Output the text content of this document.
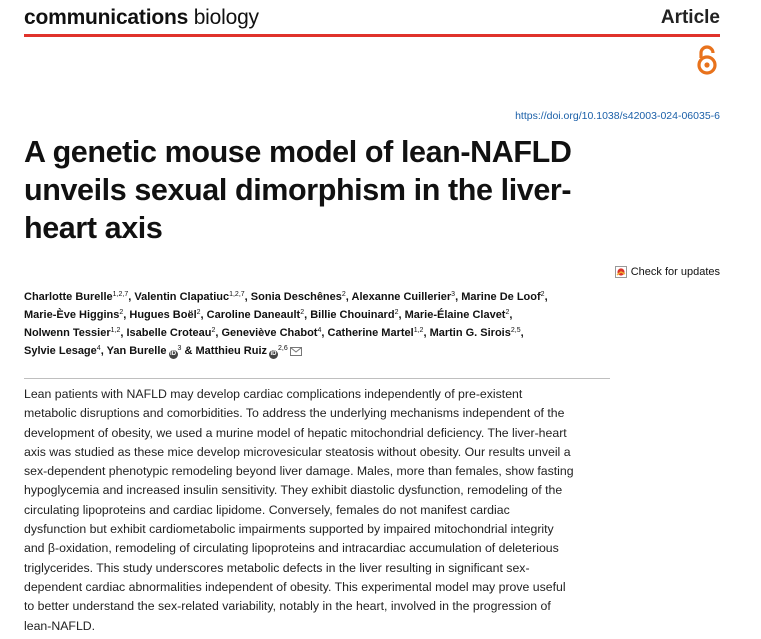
communications biology	Article
https://doi.org/10.1038/s42003-024-06035-6
A genetic mouse model of lean-NAFLD
unveils sexual dimorphism in the liver-
heart axis
Check for updates
Charlotte Burelle$^{1,2,7}$, Valentin Clapatiuc$^{1,2,7}$, Sonia Deschênes$^2$, Alexanne Cuillerier$^3$, Marine De Loof$^2$,
Marie-Ève Higgins$^2$, Hugues Boël$^2$, Caroline Daneault$^2$, Billie Chouinard$^2$, Marie-Élaine Clavet$^2$,
Nolwenn Tessier$^{1,2}$, Isabelle Croteau$^2$, Geneviève Chabot$^4$, Catherine Martel$^{1,2}$, Martin G. Sirois$^{2,5}$,
Sylvie Lesage$^4$, Yan Burelle $iD^3$ & Matthieu Ruiz iD$^{2,6}$

Lean patients with NAFLD may develop cardiac complications independently of pre-existent

metabolic disruptions and comorbidities. To address the underlying mechanisms independent of the

development of obesity, we used a murine model of hepatic mitochondrial deficiency. The liver-heart

axis was studied as these mice develop microvesicular steatosis without obesity. Our results unveil a

sex-dependent phenotypic remodeling beyond liver damage. Males, more than females, show fasting

hypoglycemia and increased insulin sensitivity. They exhibit diastolic dysfunction, remodeling of the

circulating lipoproteins and cardiac lipidome. Conversely, females do not manifest cardiac

dysfunction but exhibit cardiometabolic impairments supported by impaired mitochondrial integrity

and β-oxidation, remodeling of circulating lipoproteins and intracardiac accumulation of deleterious

triglycerides. This study underscores metabolic defects in the liver resulting in significant sex-

dependent cardiac abnormalities independent of obesity. This experimental model may prove useful

to better understand the sex-related variability, notably in the heart, involved in the progression of

lean-NAFLD.
